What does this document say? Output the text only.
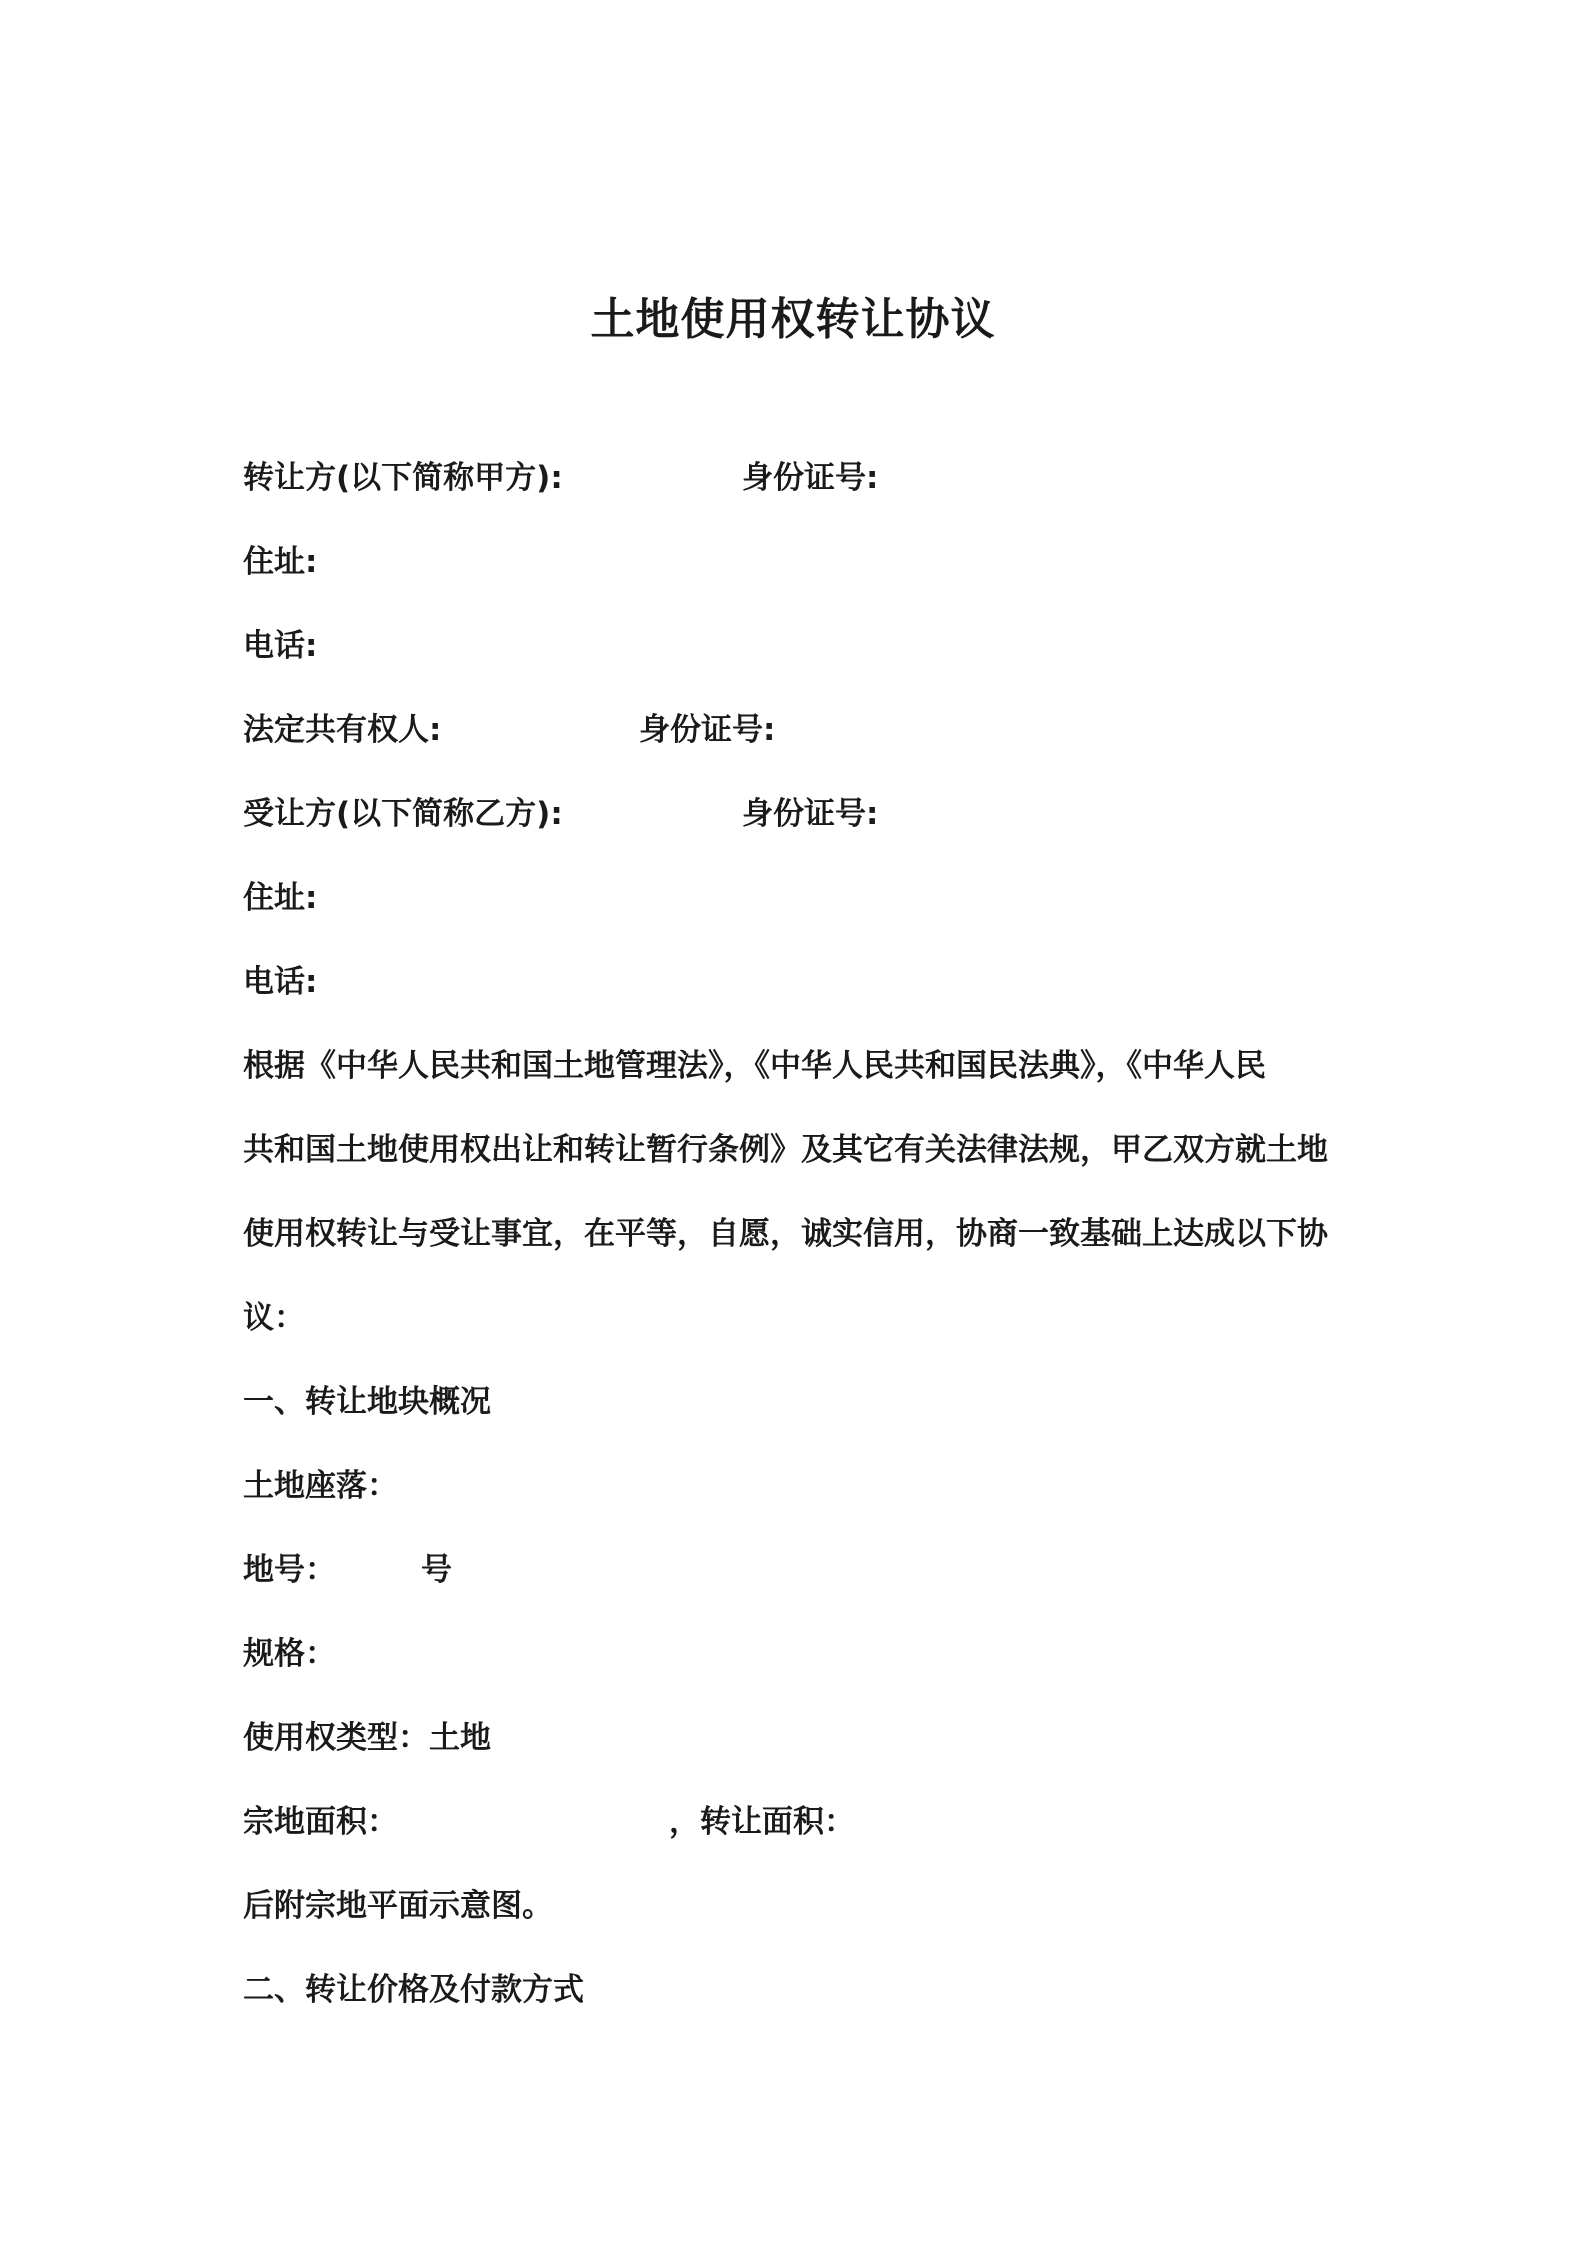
土地使用权转让协议
转让方(以下简称甲方):	身份证号:
住址:
电话:
法定共有权人:	身份证号:
受让方(以下简称乙方):	身份证号:
住址:
电话:
根据《中华人民共和国土地管理法》，《中华人民共和国民法典》，《中华人民
共和国土地使用权出让和转让暂行条例》及其它有关法律法规，甲乙双方就土地
使用权转让与受让事宜，在平等，自愿，诚实信用，协商一致基础上达成以下协
议：
一、转让地块概况
土地座落：
地号：	号
规格：
使用权类型：土地
宗地面积：	，转让面积：
后附宗地平面示意图。
二、转让价格及付款方式
